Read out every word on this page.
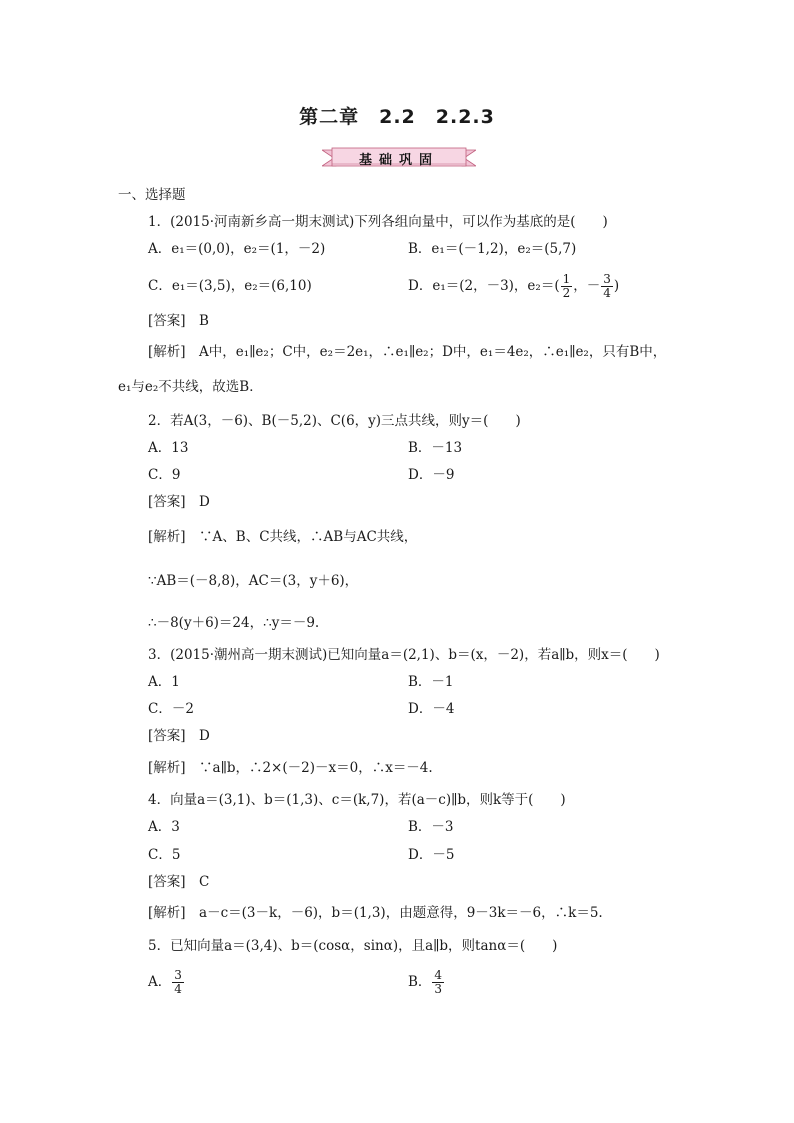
第二章　2.2　2.2.3
基础巩固
一、选择题
1．(2015·河南新乡高一期末测试)下列各组向量中，可以作为基底的是(　　)
A．e₁＝(0,0)，e₂＝(1，－2)	B．e₁＝(－1,2)，e₂＝(5,7)
C．e₁＝(3,5)，e₂＝(6,10)	D．e₁＝(2，－3)，$e_2=( \frac{1}{2}$ ，－ $\frac{3}{4}$ )
[答案]　 B
[解析]　 A中，e₁∥e₂；C中，e₂＝2e₁，∴e₁∥e₂；D中，e₁＝4e₂，∴e₁∥e₂，只有B中，
e₁与e₂不共线，故选B．
2．若A(3，－6)、B(－5,2)、C(6，y)三点共线，则y＝(　　)
A．13	B．－13
C．9	D．－9
[答案]　 D
[解析]　 ∵A、B、C共线，∴AB与AC共线，
∵AB＝(－8,8)，AC＝(3，y＋6)，
∴－8(y＋6)＝24，∴y＝－9.
3．(2015·潮州高一期末测试)已知向量a＝(2,1)、b＝(x，－2)，若a∥b，则x＝(　　)
A．1	B．－1
C．－2	D．－4
[答案]　 D
[解析]　 ∵a∥b，∴2×(－2)－x＝0，∴x＝－4.
4．向量a＝(3,1)、b＝(1,3)、c＝(k,7)，若(a－c)∥b，则k等于(　　)
A．3	B．－3
C．5	D．－5
[答案]　 C
[解析]　 a－c＝(3－k，－6)，b＝(1,3)，由题意得，9－3k＝－6，∴k＝5.
5．已知向量a＝(3,4)、b＝(cosα，sinα)，且a∥b，则tanα＝(　　)
A． $\frac{3}{4}$	B． $\frac{4}{3}$
